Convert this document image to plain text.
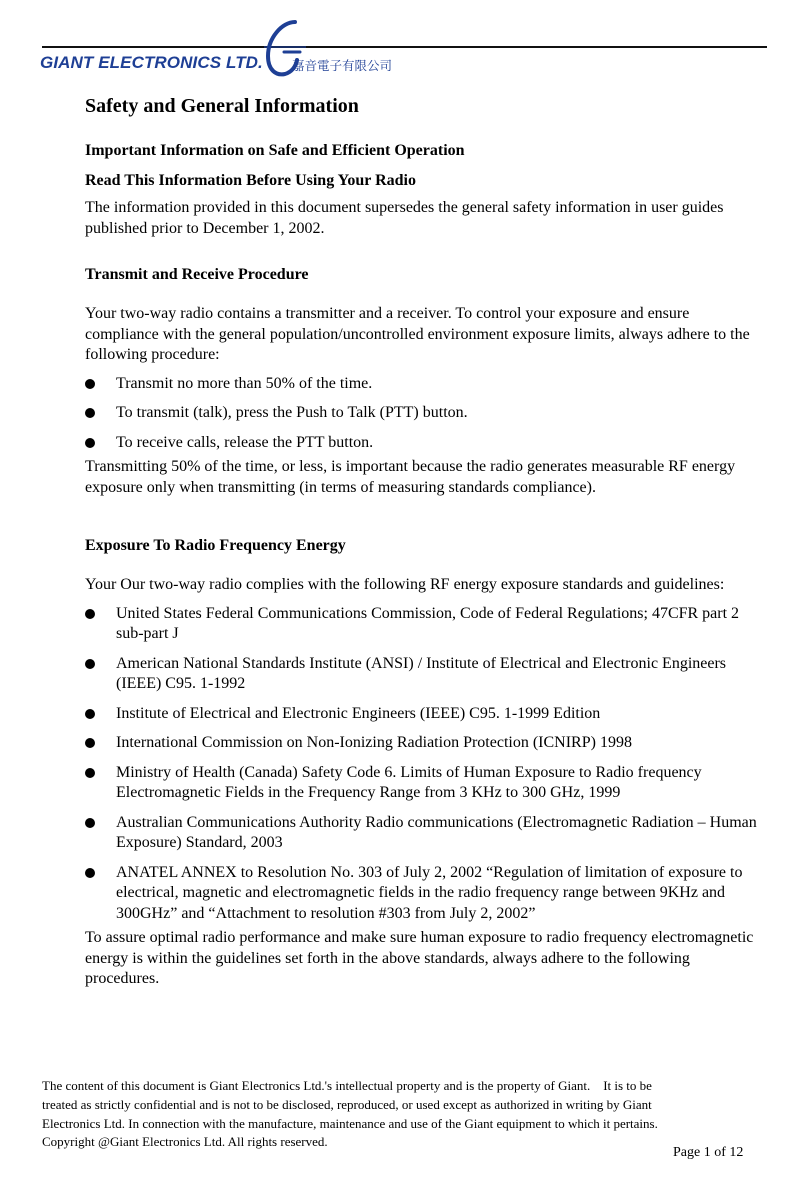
GIANT ELECTRONICS LTD. 嘉音電子有限公司
Safety and General Information
Important Information on Safe and Efficient Operation
Read This Information Before Using Your Radio

The information provided in this document supersedes the general safety information in user guides published prior to December 1, 2002.

Transmit and Receive Procedure

Your two-way radio contains a transmitter and a receiver. To control your exposure and ensure compliance with the general population/uncontrolled environment exposure limits, always adhere to the following procedure:

Transmit no more than 50% of the time.
To transmit (talk), press the Push to Talk (PTT) button.
To receive calls, release the PTT button.

Transmitting 50% of the time, or less, is important because the radio generates measurable RF energy exposure only when transmitting (in terms of measuring standards compliance).

Exposure To Radio Frequency Energy

Your Our two-way radio complies with the following RF energy exposure standards and guidelines:

United States Federal Communications Commission, Code of Federal Regulations; 47CFR part 2 sub-part J
American National Standards Institute (ANSI) / Institute of Electrical and Electronic Engineers (IEEE) C95. 1-1992
Institute of Electrical and Electronic Engineers (IEEE) C95. 1-1999 Edition
International Commission on Non-Ionizing Radiation Protection (ICNIRP) 1998
Ministry of Health (Canada) Safety Code 6. Limits of Human Exposure to Radio frequency Electromagnetic Fields in the Frequency Range from 3 KHz to 300 GHz, 1999
Australian Communications Authority Radio communications (Electromagnetic Radiation – Human Exposure) Standard, 2003
ANATEL ANNEX to Resolution No. 303 of July 2, 2002 “Regulation of limitation of exposure to electrical, magnetic and electromagnetic fields in the radio frequency range between 9KHz and 300GHz” and “Attachment to resolution #303 from July 2, 2002”

To assure optimal radio performance and make sure human exposure to radio frequency electromagnetic energy is within the guidelines set forth in the above standards, always adhere to the following procedures.

The content of this document is Giant Electronics Ltd.'s intellectual property and is the property of Giant.    It is to be
treated as strictly confidential and is not to be disclosed, reproduced, or used except as authorized in writing by Giant
Electronics Ltd. In connection with the manufacture, maintenance and use of the Giant equipment to which it pertains.
Copyright @Giant Electronics Ltd. All rights reserved.
Page 1 of 12
